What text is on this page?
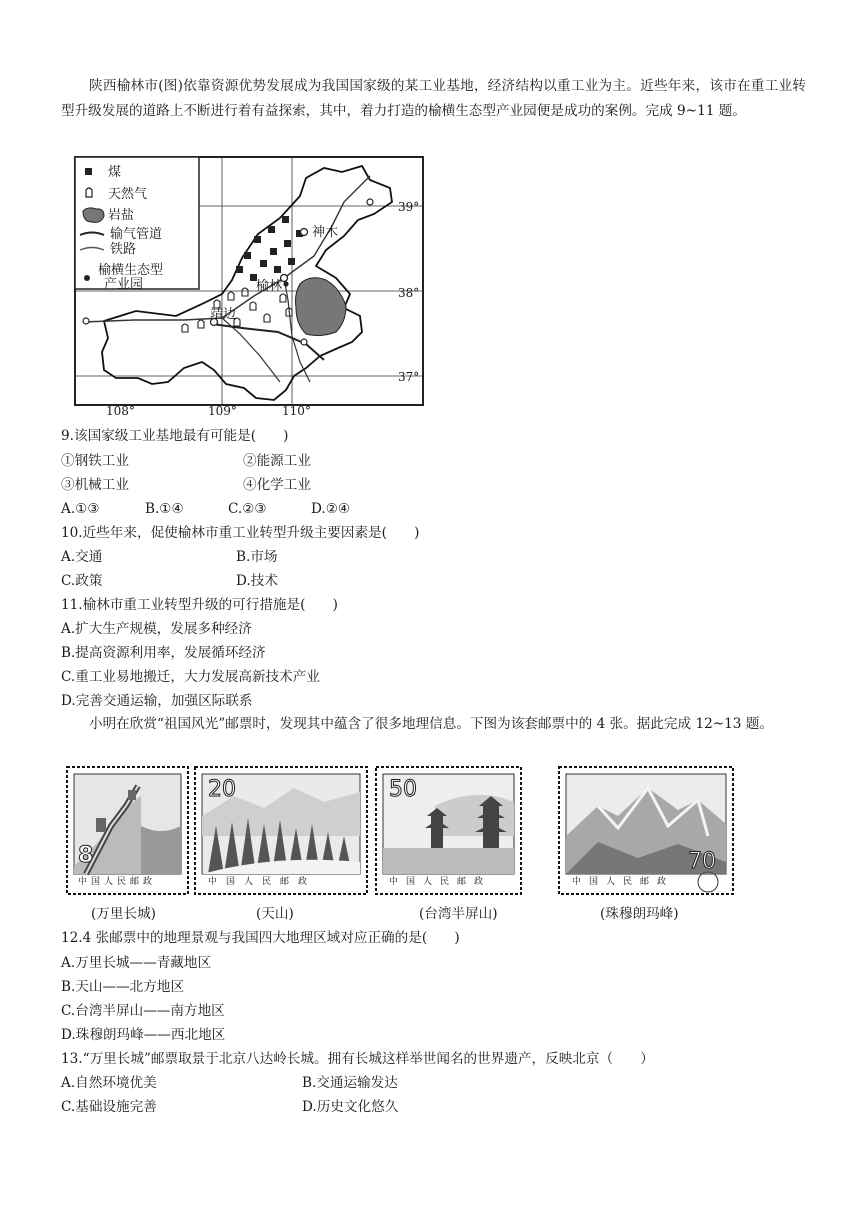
陕西榆林市(图)依靠资源优势发展成为我国国家级的某工业基地，经济结构以重工业为主。近些年来，该市在重工业转型升级发展的道路上不断进行着有益探索，其中，着力打造的榆横生态型产业园便是成功的案例。完成 9~11 题。
煤
天然气
岩盐
输气管道
铁路
榆横生态型
产业园
神木
榆林
靖边
39°
38°
37°
108°	109°	110°
9.该国家级工业基地最有可能是(　　)
①钢铁工业	②能源工业
③机械工业	④化学工业
A.①③	B.①④	C.②③	D.②④
10.近些年来，促使榆林市重工业转型升级主要因素是(　　)
A.交通	B.市场
C.政策	D.技术
11.榆林市重工业转型升级的可行措施是(　　)
A.扩大生产规模，发展多种经济
B.提高资源利用率，发展循环经济
C.重工业易地搬迁，大力发展高新技术产业
D.完善交通运输，加强区际联系
小明在欣赏“祖国风光”邮票时，发现其中蕴含了很多地理信息。下图为该套邮票中的 4 张。据此完成 12~13 题。
8
中国人民邮政
20
中国人民邮政
50
中国人民邮政
70
中国人民邮政
(万里长城)	(天山)	(台湾半屏山)	(珠穆朗玛峰)
12.4 张邮票中的地理景观与我国四大地理区域对应正确的是(　　)
A.万里长城——青藏地区
B.天山——北方地区
C.台湾半屏山——南方地区
D.珠穆朗玛峰——西北地区
13.“万里长城”邮票取景于北京八达岭长城。拥有长城这样举世闻名的世界遗产，反映北京（　　）
A.自然环境优美	B.交通运输发达
C.基础设施完善	D.历史文化悠久
